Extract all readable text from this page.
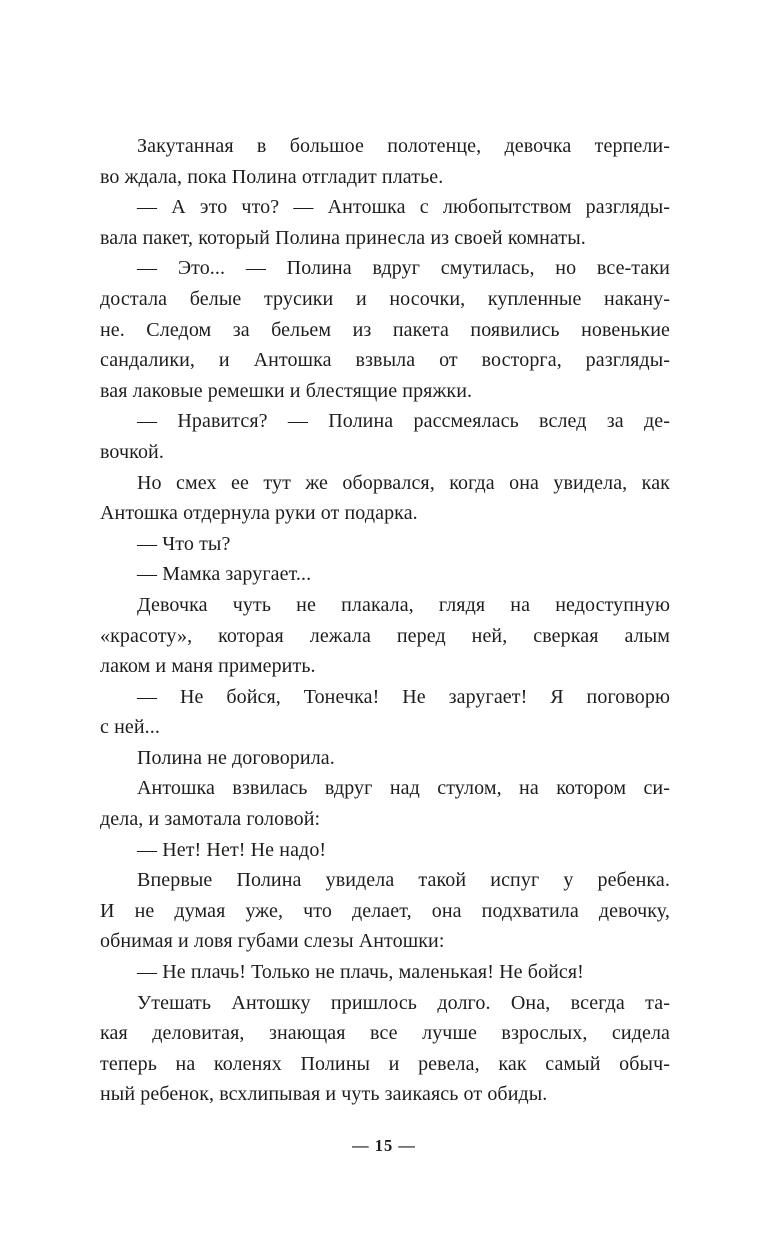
Закутанная в большое полотенце, девочка терпели-
во ждала, пока Полина отгладит платье.
— А это что? — Антошка с любопытством разгляды-
вала пакет, который Полина принесла из своей комнаты.
— Это... — Полина вдруг смутилась, но все-таки
достала белые трусики и носочки, купленные накану-
не. Следом за бельем из пакета появились новенькие
сандалики, и Антошка взвыла от восторга, разгляды-
вая лаковые ремешки и блестящие пряжки.
— Нравится? — Полина рассмеялась вслед за де-
вочкой.
Но смех ее тут же оборвался, когда она увидела, как
Антошка отдернула руки от подарка.
— Что ты?
— Мамка заругает...
Девочка чуть не плакала, глядя на недоступную
«красоту», которая лежала перед ней, сверкая алым
лаком и маня примерить.
— Не бойся, Тонечка! Не заругает! Я поговорю
с ней...
Полина не договорила.
Антошка взвилась вдруг над стулом, на котором си-
дела, и замотала головой:
— Нет! Нет! Не надо!
Впервые Полина увидела такой испуг у ребенка.
И не думая уже, что делает, она подхватила девочку,
обнимая и ловя губами слезы Антошки:
— Не плачь! Только не плачь, маленькая! Не бойся!
Утешать Антошку пришлось долго. Она, всегда та-
кая деловитая, знающая все лучше взрослых, сидела
теперь на коленях Полины и ревела, как самый обыч-
ный ребенок, всхлипывая и чуть заикаясь от обиды.
— 15 —
